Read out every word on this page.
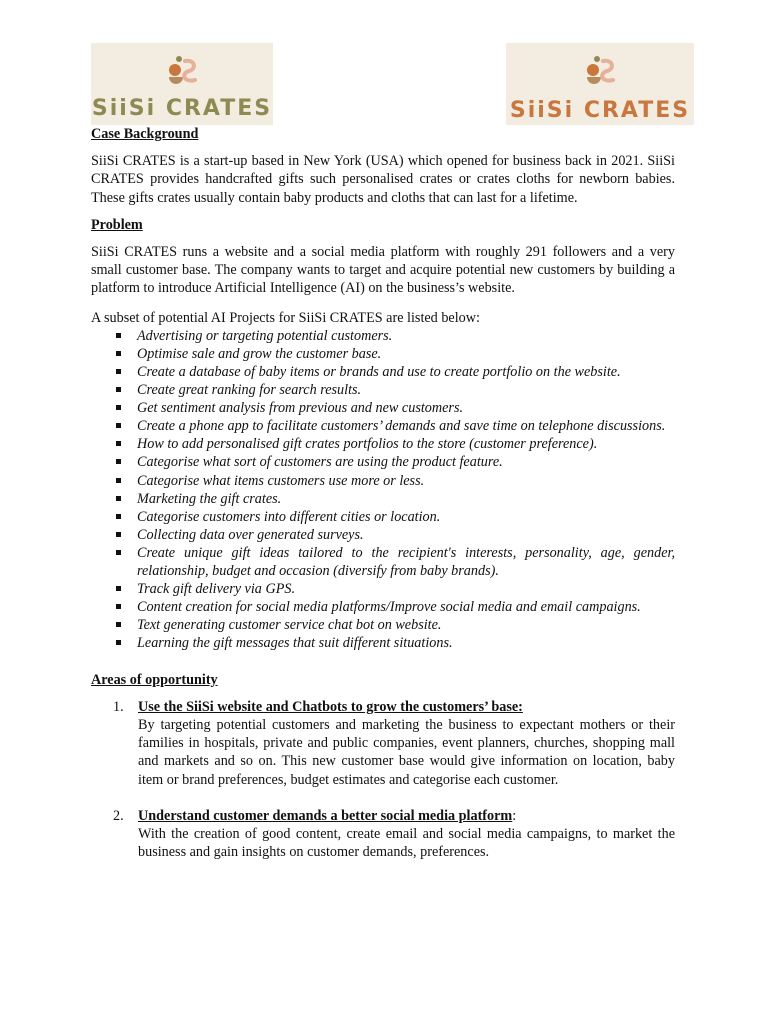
SiiSi CRATES	SiiSi CRATES

Case Background

SiiSi CRATES is a start-up based in New York (USA) which opened for business back in 2021. SiiSi CRATES provides handcrafted gifts such personalised crates or crates cloths for newborn babies. These gifts crates usually contain baby products and cloths that can last for a lifetime.

Problem

SiiSi CRATES runs a website and a social media platform with roughly 291 followers and a very small customer base. The company wants to target and acquire potential new customers by building a platform to introduce Artificial Intelligence (AI) on the business’s website.

A subset of potential AI Projects for SiiSi CRATES are listed below:

Advertising or targeting potential customers.
Optimise sale and grow the customer base.
Create a database of baby items or brands and use to create portfolio on the website.
Create great ranking for search results.
Get sentiment analysis from previous and new customers.
Create a phone app to facilitate customers’ demands and save time on telephone discussions.
How to add personalised gift crates portfolios to the store (customer preference).
Categorise what sort of customers are using the product feature.
Categorise what items customers use more or less.
Marketing the gift crates.
Categorise customers into different cities or location.
Collecting data over generated surveys.
Create unique gift ideas tailored to the recipient's interests, personality, age, gender, relationship, budget and occasion (diversify from baby brands).
Track gift delivery via GPS.
Content creation for social media platforms/Improve social media and email campaigns.
Text generating customer service chat bot on website.
Learning the gift messages that suit different situations.

Areas of opportunity

1. Use the SiiSi website and Chatbots to grow the customers’ base:
By targeting potential customers and marketing the business to expectant mothers or their families in hospitals, private and public companies, event planners, churches, shopping mall and markets and so on. This new customer base would give information on location, baby item or brand preferences, budget estimates and categorise each customer.
2. Understand customer demands a better social media platform:
With the creation of good content, create email and social media campaigns, to market the business and gain insights on customer demands, preferences.
